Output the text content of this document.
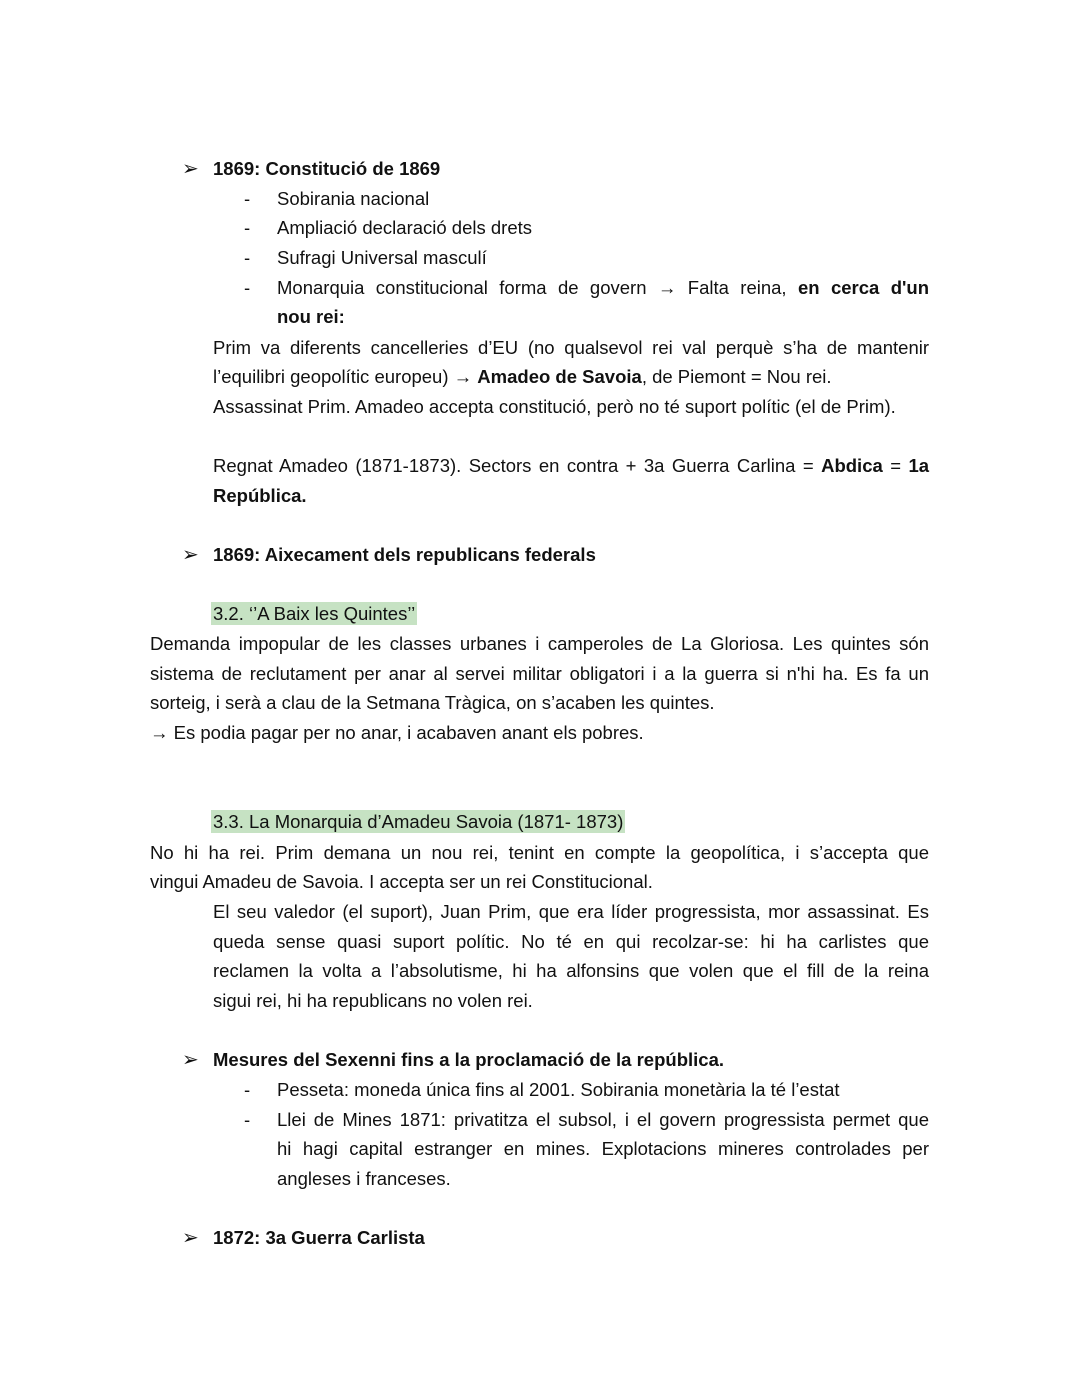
➢ 1869: Constitució de 1869
- Sobirania nacional
- Ampliació declaració dels drets
- Sufragi Universal masculí
- Monarquia constitucional forma de govern → Falta reina, en cerca d'un
nou rei:
Prim va diferents cancelleries d’EU (no qualsevol rei val perquè s’ha de mantenir
l’equilibri geopolític europeu) → Amadeo de Savoia, de Piemont = Nou rei.
Assassinat Prim. Amadeo accepta constitució, però no té suport polític (el de Prim).
Regnat Amadeo (1871-1873). Sectors en contra + 3a Guerra Carlina = Abdica = 1a
República.
➢ 1869: Aixecament dels republicans federals
3.2. ‘’A Baix les Quintes’’
Demanda impopular de les classes urbanes i camperoles de La Gloriosa. Les quintes són
sistema de reclutament per anar al servei militar obligatori i a la guerra si n'hi ha. Es fa un
sorteig, i serà a clau de la Setmana Tràgica, on s’acaben les quintes.
→ Es podia pagar per no anar, i acabaven anant els pobres.
3.3. La Monarquia d’Amadeu Savoia (1871- 1873)
No hi ha rei. Prim demana un nou rei, tenint en compte la geopolítica, i s’accepta que
vingui Amadeu de Savoia. I accepta ser un rei Constitucional.
El seu valedor (el suport), Juan Prim, que era líder progressista, mor assassinat. Es
queda sense quasi suport polític. No té en qui recolzar-se: hi ha carlistes que
reclamen la volta a l’absolutisme, hi ha alfonsins que volen que el fill de la reina
sigui rei, hi ha republicans no volen rei.
➢ Mesures del Sexenni fins a la proclamació de la república.
- Pesseta: moneda única fins al 2001. Sobirania monetària la té l’estat
- Llei de Mines 1871: privatitza el subsol, i el govern progressista permet que
hi hagi capital estranger en mines. Explotacions mineres controlades per
angleses i franceses.
➢ 1872: 3a Guerra Carlista
